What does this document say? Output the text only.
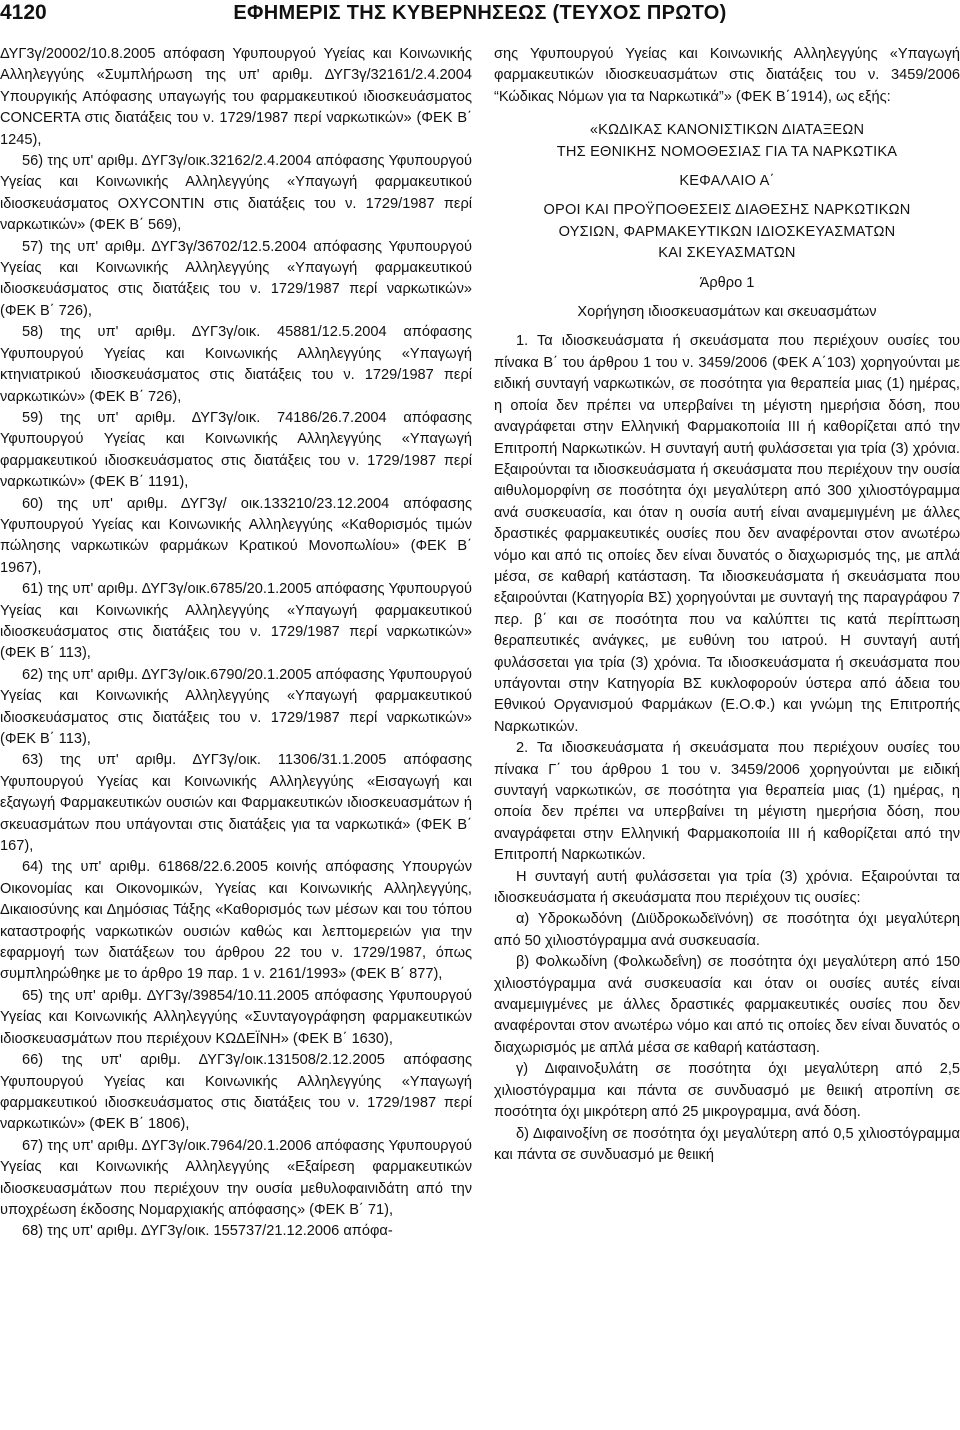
4120	ΕΦΗΜΕΡΙΣ ΤΗΣ ΚΥΒΕΡΝΗΣΕΩΣ (ΤΕΥΧΟΣ ΠΡΩΤΟ)

ΔΥΓ3γ/20002/10.8.2005 απόφαση Υφυπουργού Υγείας και Κοινωνικής Αλληλεγγύης «Συμπλήρωση της υπ' αριθμ. ΔΥΓ3γ/32161/2.4.2004 Υπουργικής Απόφασης υπαγωγής του φαρμακευτικού ιδιοσκευάσματος CONCERTA στις διατάξεις του ν. 1729/1987 περί ναρκωτικών» (ΦΕΚ Β΄ 1245),

56) της υπ' αριθμ. ΔΥΓ3γ/οικ.32162/2.4.2004 απόφασης Υφυπουργού Υγείας και Κοινωνικής Αλληλεγγύης «Υπαγωγή φαρμακευτικού ιδιοσκευάσματος OXYCONTIN στις διατάξεις του ν. 1729/1987 περί ναρκωτικών» (ΦΕΚ Β΄ 569),

57) της υπ' αριθμ. ΔΥΓ3γ/36702/12.5.2004 απόφασης Υφυπουργού Υγείας και Κοινωνικής Αλληλεγγύης «Υπαγωγή φαρμακευτικού ιδιοσκευάσματος στις διατάξεις του ν. 1729/1987 περί ναρκωτικών» (ΦΕΚ Β΄ 726),

58) της υπ' αριθμ. ΔΥΓ3γ/οικ. 45881/12.5.2004 απόφασης Υφυπουργού Υγείας και Κοινωνικής Αλληλεγγύης «Υπαγωγή κτηνιατρικού ιδιοσκευάσματος στις διατάξεις του ν. 1729/1987 περί ναρκωτικών» (ΦΕΚ Β΄ 726),

59) της υπ' αριθμ. ΔΥΓ3γ/οικ. 74186/26.7.2004 απόφασης Υφυπουργού Υγείας και Κοινωνικής Αλληλεγγύης «Υπαγωγή φαρμακευτικού ιδιοσκευάσματος στις διατάξεις του ν. 1729/1987 περί ναρκωτικών» (ΦΕΚ Β΄ 1191),

60) της υπ' αριθμ. ΔΥΓ3γ/ οικ.133210/23.12.2004 απόφασης Υφυπουργού Υγείας και Κοινωνικής Αλληλεγγύης «Καθορισμός τιμών πώλησης ναρκωτικών φαρμάκων Κρατικού Μονοπωλίου» (ΦΕΚ Β΄ 1967),

61) της υπ' αριθμ. ΔΥΓ3γ/οικ.6785/20.1.2005 απόφασης Υφυπουργού Υγείας και Κοινωνικής Αλληλεγγύης «Υπαγωγή φαρμακευτικού ιδιοσκευάσματος στις διατάξεις του ν. 1729/1987 περί ναρκωτικών» (ΦΕΚ Β΄ 113),

62) της υπ' αριθμ. ΔΥΓ3γ/οικ.6790/20.1.2005 απόφασης Υφυπουργού Υγείας και Κοινωνικής Αλληλεγγύης «Υπαγωγή φαρμακευτικού ιδιοσκευάσματος στις διατάξεις του ν. 1729/1987 περί ναρκωτικών» (ΦΕΚ Β΄ 113),

63) της υπ' αριθμ. ΔΥΓ3γ/οικ. 11306/31.1.2005 απόφασης Υφυπουργού Υγείας και Κοινωνικής Αλληλεγγύης «Εισαγωγή και εξαγωγή Φαρμακευτικών ουσιών και Φαρμακευτικών ιδιοσκευασμάτων ή σκευασμάτων που υπάγονται στις διατάξεις για τα ναρκωτικά» (ΦΕΚ Β΄ 167),

64) της υπ' αριθμ. 61868/22.6.2005 κοινής απόφασης Υπουργών Οικονομίας και Οικονομικών, Υγείας και Κοινωνικής Αλληλεγγύης, Δικαιοσύνης και Δημόσιας Τάξης «Καθορισμός των μέσων και του τόπου καταστροφής ναρκωτικών ουσιών καθώς και λεπτομερειών για την εφαρμογή των διατάξεων του άρθρου 22 του ν. 1729/1987, όπως συμπληρώθηκε με το άρθρο 19 παρ. 1 ν. 2161/1993» (ΦΕΚ Β΄ 877),

65) της υπ' αριθμ. ΔΥΓ3γ/39854/10.11.2005 απόφασης Υφυπουργού Υγείας και Κοινωνικής Αλληλεγγύης «Συνταγογράφηση φαρμακευτικών ιδιοσκευασμάτων που περιέχουν ΚΩΔΕΪΝΗ» (ΦΕΚ Β΄ 1630),

66) της υπ' αριθμ. ΔΥΓ3γ/οικ.131508/2.12.2005 απόφασης Υφυπουργού Υγείας και Κοινωνικής Αλληλεγγύης «Υπαγωγή φαρμακευτικού ιδιοσκευάσματος στις διατάξεις του ν. 1729/1987 περί ναρκωτικών» (ΦΕΚ Β΄ 1806),

67) της υπ' αριθμ. ΔΥΓ3γ/οικ.7964/20.1.2006 απόφασης Υφυπουργού Υγείας και Κοινωνικής Αλληλεγγύης «Εξαίρεση φαρμακευτικών ιδιοσκευασμάτων που περιέχουν την ουσία μεθυλοφαινιδάτη από την υποχρέωση έκδοσης Νομαρχιακής απόφασης» (ΦΕΚ Β΄ 71),

68) της υπ' αριθμ. ΔΥΓ3γ/οικ. 155737/21.12.2006 απόφα-

σης Υφυπουργού Υγείας και Κοινωνικής Αλληλεγγύης «Υπαγωγή φαρμακευτικών ιδιοσκευασμάτων στις διατάξεις του ν. 3459/2006 “Κώδικας Νόμων για τα Ναρκωτικά”» (ΦΕΚ Β΄1914), ως εξής:

«ΚΩΔΙΚΑΣ ΚΑΝΟΝΙΣΤΙΚΩΝ ΔΙΑΤΑΞΕΩΝ

ΤΗΣ ΕΘΝΙΚΗΣ ΝΟΜΟΘΕΣΙΑΣ ΓΙΑ ΤΑ ΝΑΡΚΩΤΙΚΑ

ΚΕΦΑΛΑΙΟ Α΄

ΟΡΟΙ ΚΑΙ ΠΡΟΫΠΟΘΕΣΕΙΣ ΔΙΑΘΕΣΗΣ ΝΑΡΚΩΤΙΚΩΝ

ΟΥΣΙΩΝ, ΦΑΡΜΑΚΕΥΤΙΚΩΝ ΙΔΙΟΣΚΕΥΑΣΜΑΤΩΝ

ΚΑΙ ΣΚΕΥΑΣΜΑΤΩΝ

Άρθρο 1

Χορήγηση ιδιοσκευασμάτων και σκευασμάτων

1. Τα ιδιοσκευάσματα ή σκευάσματα που περιέχουν ουσίες του πίνακα Β΄ του άρθρου 1 του ν. 3459/2006 (ΦΕΚ Α΄103) χορηγούνται με ειδική συνταγή ναρκωτικών, σε ποσότητα για θεραπεία μιας (1) ημέρας, η οποία δεν πρέπει να υπερβαίνει τη μέγιστη ημερήσια δόση, που αναγράφεται στην Ελληνική Φαρμακοποιία ΙΙΙ ή καθορίζεται από την Επιτροπή Ναρκωτικών. Η συνταγή αυτή φυλάσσεται για τρία (3) χρόνια. Εξαιρούνται τα ιδιοσκευάσματα ή σκευάσματα που περιέχουν την ουσία αιθυλομορφίνη σε ποσότητα όχι μεγαλύτερη από 300 χιλιοστόγραμμα ανά συσκευασία, και όταν η ουσία αυτή είναι αναμεμιγμένη με άλλες δραστικές φαρμακευτικές ουσίες που δεν αναφέρονται στον ανωτέρω νόμο και από τις οποίες δεν είναι δυνατός ο διαχωρισμός της, με απλά μέσα, σε καθαρή κατάσταση. Τα ιδιοσκευάσματα ή σκευάσματα που εξαιρούνται (Κατηγορία ΒΣ) χορηγούνται με συνταγή της παραγράφου 7 περ. β΄ και σε ποσότητα που να καλύπτει τις κατά περίπτωση θεραπευτικές ανάγκες, με ευθύνη του ιατρού. Η συνταγή αυτή φυλάσσεται για τρία (3) χρόνια. Τα ιδιοσκευάσματα ή σκευάσματα που υπάγονται στην Κατηγορία ΒΣ κυκλοφορούν ύστερα από άδεια του Εθνικού Οργανισμού Φαρμάκων (Ε.Ο.Φ.) και γνώμη της Επιτροπής Ναρκωτικών.

2. Τα ιδιοσκευάσματα ή σκευάσματα που περιέχουν ουσίες του πίνακα Γ΄ του άρθρου 1 του ν. 3459/2006 χορηγούνται με ειδική συνταγή ναρκωτικών, σε ποσότητα για θεραπεία μιας (1) ημέρας, η οποία δεν πρέπει να υπερβαίνει τη μέγιστη ημερήσια δόση, που αναγράφεται στην Ελληνική Φαρμακοποιία ΙΙΙ ή καθορίζεται από την Επιτροπή Ναρκωτικών.

Η συνταγή αυτή φυλάσσεται για τρία (3) χρόνια. Εξαιρούνται τα ιδιοσκευάσματα ή σκευάσματα που περιέχουν τις ουσίες:

α) Υδροκωδόνη (Διϋδροκωδεϊνόνη) σε ποσότητα όχι μεγαλύτερη από 50 χιλιοστόγραμμα ανά συσκευασία.

β) Φολκωδίνη (Φολκωδεΐνη) σε ποσότητα όχι μεγαλύτερη από 150 χιλιοστόγραμμα ανά συσκευασία και όταν οι ουσίες αυτές είναι αναμεμιγμένες με άλλες δραστικές φαρμακευτικές ουσίες που δεν αναφέρονται στον ανωτέρω νόμο και από τις οποίες δεν είναι δυνατός ο διαχωρισμός με απλά μέσα σε καθαρή κατάσταση.

γ) Διφαινοξυλάτη σε ποσότητα όχι μεγαλύτερη από 2,5 χιλιοστόγραμμα και πάντα σε συνδυασμό με θειική ατροπίνη σε ποσότητα όχι μικρότερη από 25 μικρογραμμα, ανά δόση.

δ) Διφαινοξίνη σε ποσότητα όχι μεγαλύτερη από 0,5 χιλιοστόγραμμα και πάντα σε συνδυασμό με θειική
